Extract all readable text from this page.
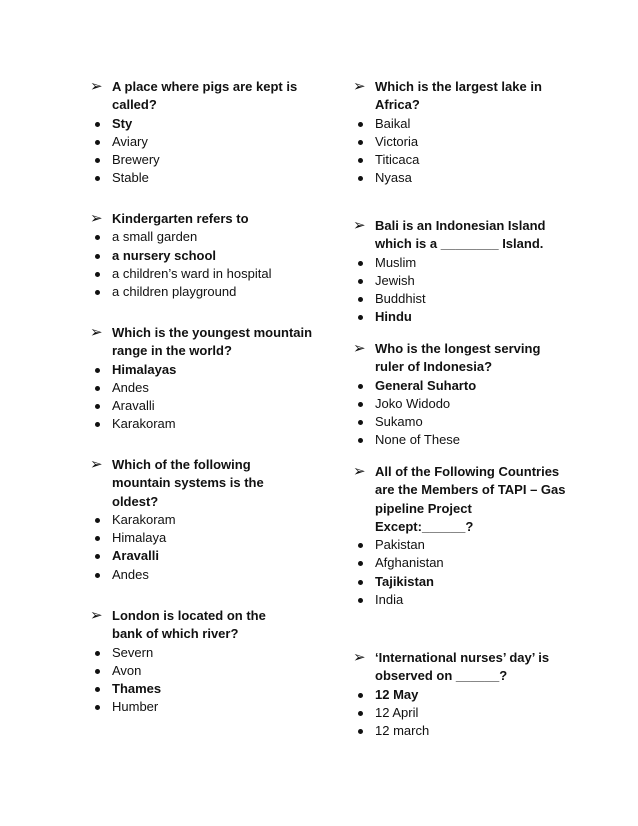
➢ A place where pigs are kept is called?
Sty
Aviary
Brewery
Stable
➢ Kindergarten refers to
a small garden
a nursery school
a children’s ward in hospital
a children playground
➢ Which is the youngest mountain range in the world?
Himalayas
Andes
Aravalli
Karakoram
➢ Which of the following mountain systems is the oldest?
Karakoram
Himalaya
Aravalli
Andes
➢ London is located on the bank of which river?
Severn
Avon
Thames
Humber
➢ Which is the largest lake in Africa?
Baikal
Victoria
Titicaca
Nyasa
➢ Bali is an Indonesian Island which is a ________ Island.
Muslim
Jewish
Buddhist
Hindu
➢ Who is the longest serving ruler of Indonesia?
General Suharto
Joko Widodo
Sukamo
None of These
➢ All of the Following Countries are the Members of TAPI – Gas pipeline Project Except:______?
Pakistan
Afghanistan
Tajikistan
India
➢ ‘International nurses’ day’ is observed on ______?
12 May
12 April
12 march
